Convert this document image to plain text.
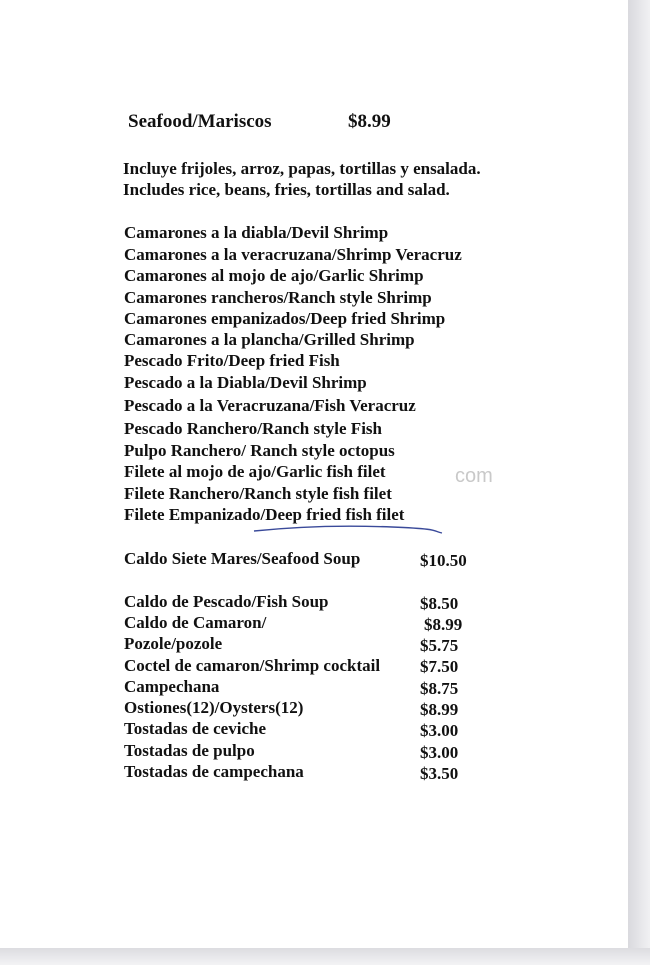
Seafood/Mariscos	$8.99
Incluye frijoles, arroz, papas, tortillas y ensalada.
Includes rice, beans, fries, tortillas and salad.
Camarones a la diabla/Devil Shrimp
Camarones a la veracruzana/Shrimp Veracruz
Camarones al mojo de ajo/Garlic Shrimp
Camarones rancheros/Ranch style Shrimp
Camarones empanizados/Deep fried Shrimp
Camarones a la plancha/Grilled Shrimp
Pescado Frito/Deep fried Fish
Pescado a la Diabla/Devil Shrimp
Pescado a la Veracruzana/Fish Veracruz
Pescado Ranchero/Ranch style Fish
Pulpo Ranchero/ Ranch style octopus
Filete al mojo de ajo/Garlic fish filet
Filete Ranchero/Ranch style fish filet
Filete Empanizado/Deep fried fish filet
com
Caldo Siete Mares/Seafood Soup	$10.50
Caldo de Pescado/Fish Soup	$8.50
Caldo de Camaron/	$8.99
Pozole/pozole	$5.75
Coctel de camaron/Shrimp cocktail $7.50
Campechana	$8.75
Ostiones(12)/Oysters(12)	$8.99
Tostadas de ceviche	$3.00
Tostadas de pulpo	$3.00
Tostadas de campechana	$3.50
